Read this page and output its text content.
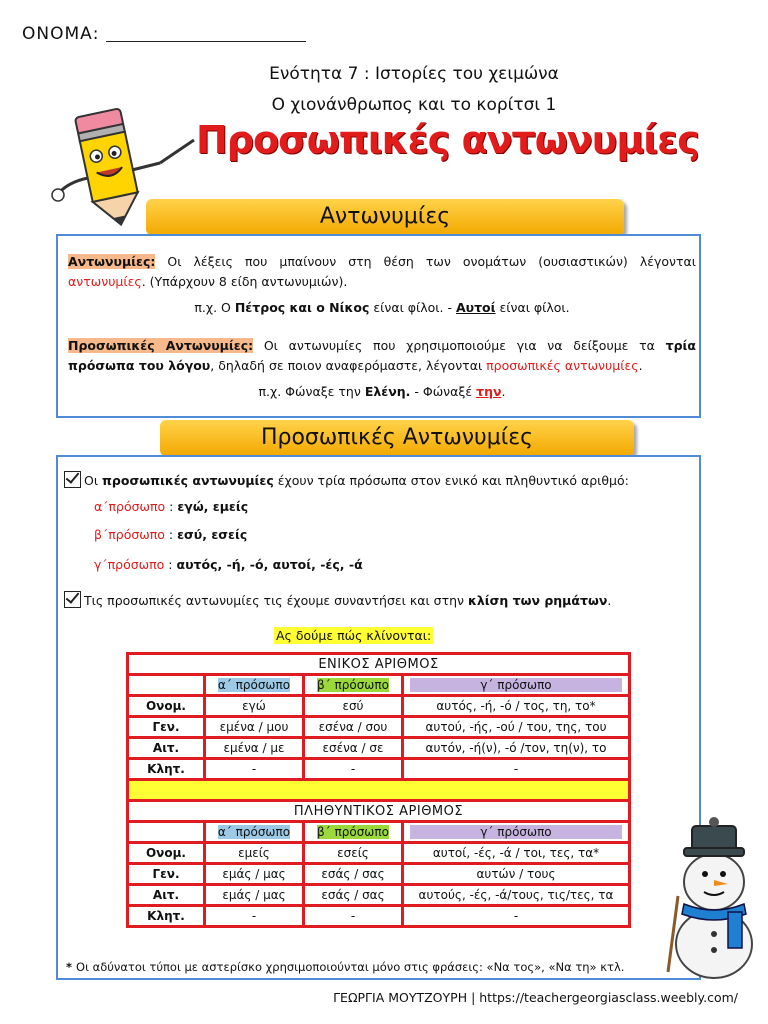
ΟΝΟΜΑ:
Ενότητα 7 : Ιστορίες του χειμώνα
Ο χιονάνθρωπος και το κορίτσι 1
Προσωπικές αντωνυμίες
Αντωνυμίες
Αντωνυμίες: Οι λέξεις που μπαίνουν στη θέση των ονομάτων (ουσιαστικών) λέγονται αντωνυμίες. (Υπάρχουν 8 είδη αντωνυμιών).
π.χ. Ο Πέτρος και ο Νίκος είναι φίλοι. - Αυτοί είναι φίλοι.
Προσωπικές Αντωνυμίες: Οι αντωνυμίες που χρησιμοποιούμε για να δείξουμε τα τρία πρόσωπα του λόγου, δηλαδή σε ποιον αναφερόμαστε, λέγονται προσωπικές αντωνυμίες.
π.χ. Φώναξε την Ελένη. - Φώναξέ την.
Προσωπικές Αντωνυμίες
Οι προσωπικές αντωνυμίες έχουν τρία πρόσωπα στον ενικό και πληθυντικό αριθμό:
α΄πρόσωπο : εγώ, εμείς
β΄πρόσωπο : εσύ, εσείς
γ΄πρόσωπο : αυτός, -ή, -ό, αυτοί, -ές, -ά
Τις προσωπικές αντωνυμίες τις έχουμε συναντήσει και στην κλίση των ρημάτων.
Ας δούμε πώς κλίνονται:
ΕΝΙΚΟΣ ΑΡΙΘΜΟΣ			
	α΄ πρόσωπο	β΄ πρόσωπο	γ΄ πρόσωπο
Ονομ.	εγώ	εσύ	αυτός, -ή, -ό / τος, τη, το*
Γεν.	εμένα / μου	εσένα / σου	αυτού, -ής, -ού / του, της, του
Αιτ.	εμένα / με	εσένα / σε	αυτόν, -ή(ν), -ό /τον, τη(ν), το
Κλητ.	-	-	-

ΠΛΗΘΥΝΤΙΚΟΣ ΑΡΙΘΜΟΣ			
	α΄ πρόσωπο	β΄ πρόσωπο	γ΄ πρόσωπο
Ονομ.	εμείς	εσείς	αυτοί, -ές, -ά / τοι, τες, τα*
Γεν.	εμάς / μας	εσάς / σας	αυτών / τους
Αιτ.	εμάς / μας	εσάς / σας	αυτούς, -ές, -ά/τους, τις/τες, τα
Κλητ.	-	-	-
* Οι αδύνατοι τύποι με αστερίσκο χρησιμοποιούνται μόνο στις φράσεις: «Να τος», «Να τη» κτλ.
ΓΕΩΡΓΙΑ ΜΟΥΤΖΟΥΡΗ | https://teachergeorgiasclass.weebly.com/
